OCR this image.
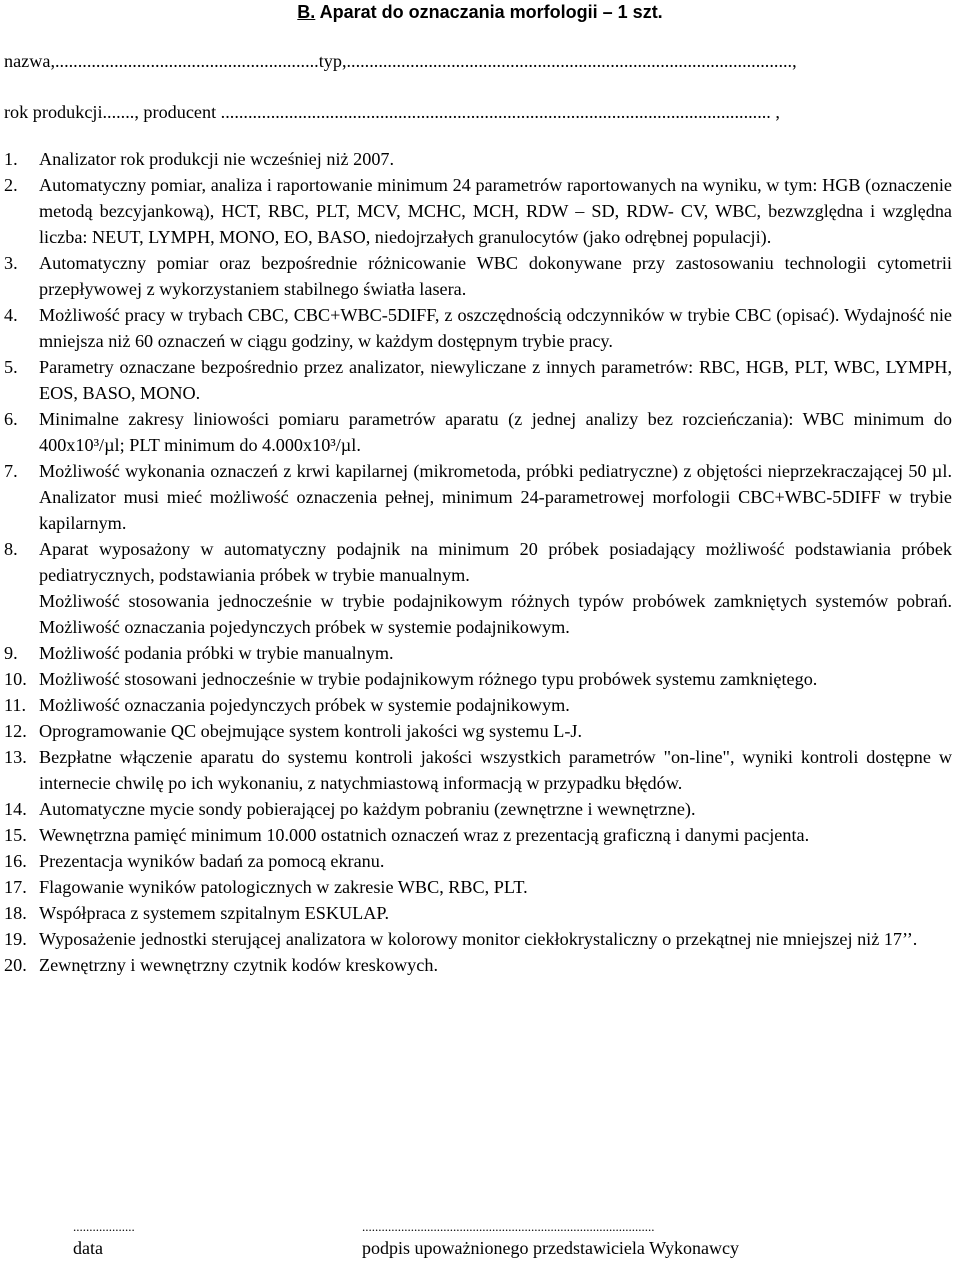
B. Aparat do oznaczania morfologii – 1 szt.
nazwa,..........................................................typ,..................................................................................................,
rok produkcji......., producent ......................................................................................................................... ,
1.	Analizator rok produkcji nie wcześniej niż 2007.
2.	Automatyczny pomiar, analiza i raportowanie minimum 24 parametrów raportowanych na wyniku, w tym: HGB (oznaczenie metodą bezcyjankową), HCT, RBC, PLT, MCV, MCHC, MCH, RDW – SD, RDW- CV, WBC, bezwzględna i względna liczba: NEUT, LYMPH, MONO, EO, BASO, niedojrzałych granulocytów (jako odrębnej populacji).
3.	Automatyczny pomiar oraz bezpośrednie różnicowanie WBC dokonywane przy zastosowaniu technologii cytometrii przepływowej z wykorzystaniem stabilnego światła lasera.
4.	Możliwość pracy w trybach CBC, CBC+WBC-5DIFF, z oszczędnością odczynników w trybie CBC (opisać). Wydajność nie mniejsza niż 60 oznaczeń w ciągu godziny, w każdym dostępnym trybie pracy.
5.	Parametry oznaczane bezpośrednio przez analizator, niewyliczane z innych parametrów: RBC, HGB, PLT, WBC, LYMPH, EOS, BASO, MONO.
6.	Minimalne zakresy liniowości pomiaru parametrów aparatu (z jednej analizy bez rozcieńczania): WBC minimum do 400x10³/µl; PLT minimum do 4.000x10³/µl.
7.	Możliwość wykonania oznaczeń z krwi kapilarnej (mikrometoda, próbki pediatryczne) z objętości nieprzekraczającej 50 µl. Analizator musi mieć możliwość oznaczenia pełnej, minimum 24-parametrowej morfologii CBC+WBC-5DIFF w trybie kapilarnym.
8.	Aparat wyposażony w automatyczny podajnik na minimum 20 próbek posiadający możliwość podstawiania próbek pediatrycznych, podstawiania próbek w trybie manualnym.
Możliwość stosowania jednocześnie w trybie podajnikowym różnych typów probówek zamkniętych systemów pobrań. Możliwość oznaczania pojedynczych próbek w systemie podajnikowym.
9.	Możliwość podania próbki w trybie manualnym.
10. Możliwość stosowani jednocześnie w trybie podajnikowym różnego typu probówek systemu zamkniętego.
11. Możliwość oznaczania pojedynczych próbek w systemie podajnikowym.
12. Oprogramowanie QC obejmujące system kontroli jakości wg systemu L-J.
13. Bezpłatne włączenie aparatu do systemu kontroli jakości wszystkich parametrów "on-line", wyniki kontroli dostępne w internecie chwilę po ich wykonaniu, z natychmiastową informacją w przypadku błędów.
14. Automatyczne mycie sondy pobierającej po każdym pobraniu (zewnętrzne i wewnętrzne).
15. Wewnętrzna pamięć minimum 10.000 ostatnich oznaczeń wraz z prezentacją graficzną i danymi pacjenta.
16. Prezentacja wyników badań za pomocą ekranu.
17. Flagowanie wyników patologicznych w zakresie WBC, RBC, PLT.
18. Współpraca z systemem szpitalnym ESKULAP.
19. Wyposażenie jednostki sterującej analizatora w kolorowy monitor ciekłokrystaliczny o przekątnej nie mniejszej niż 17’’.
20. Zewnętrzny i wewnętrzny czytnik kodów kreskowych.
...................
data
..........................................................................................
podpis upoważnionego przedstawiciela Wykonawcy
